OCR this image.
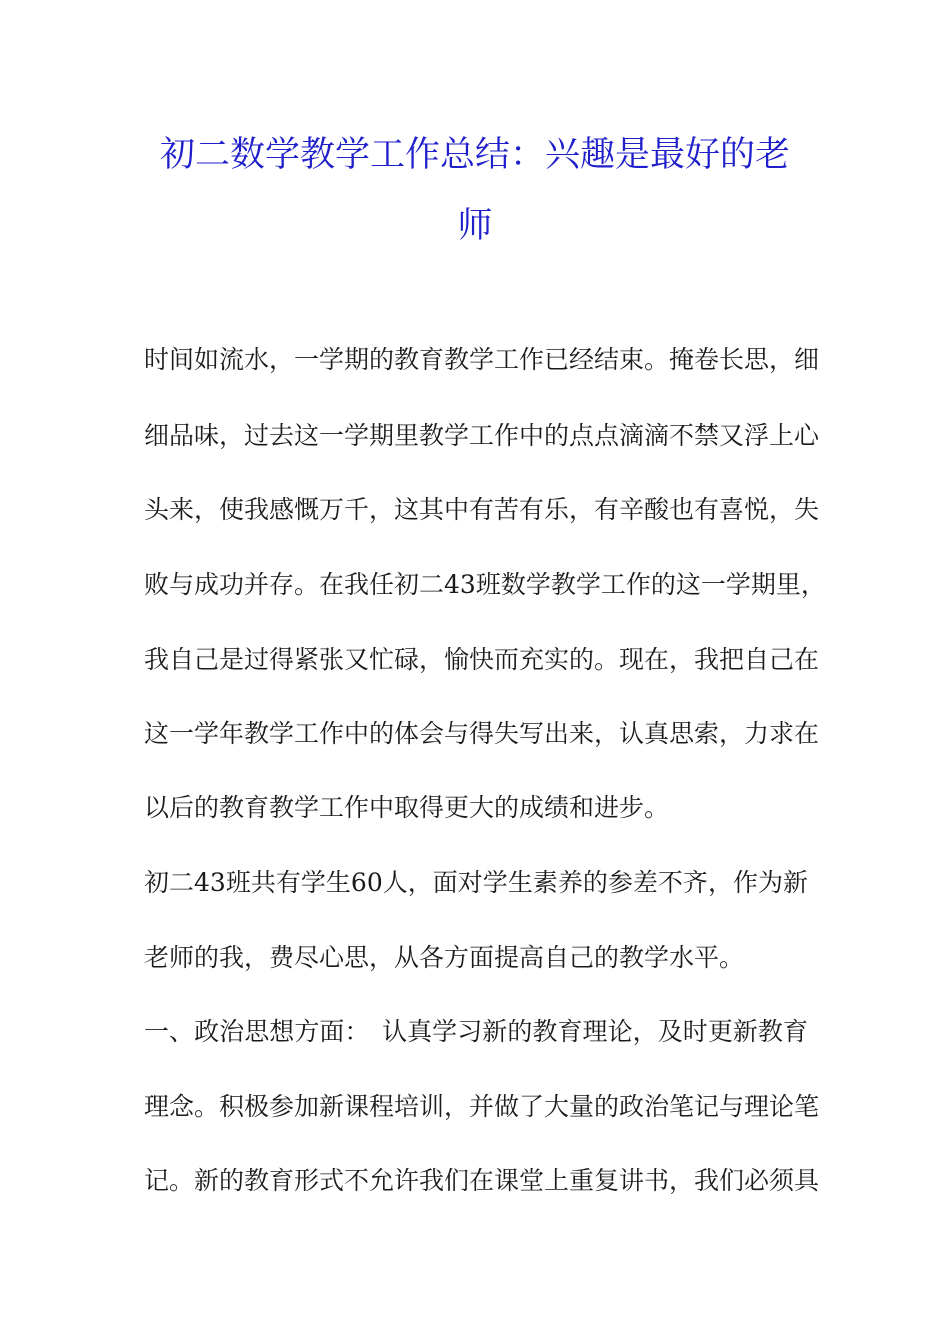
初二数学教学工作总结：兴趣是最好的老
师
时间如流水，一学期的教育教学工作已经结束。掩卷长思，细
细品味，过去这一学期里教学工作中的点点滴滴不禁又浮上心
头来，使我感慨万千，这其中有苦有乐，有辛酸也有喜悦，失
败与成功并存。在我任初二43班数学教学工作的这一学期里，
我自己是过得紧张又忙碌，愉快而充实的。现在，我把自己在
这一学年教学工作中的体会与得失写出来，认真思索，力求在
以后的教育教学工作中取得更大的成绩和进步。
初二43班共有学生60人，面对学生素养的参差不齐，作为新
老师的我，费尽心思，从各方面提高自己的教学水平。
一、政治思想方面：　认真学习新的教育理论，及时更新教育
理念。积极参加新课程培训，并做了大量的政治笔记与理论笔
记。新的教育形式不允许我们在课堂上重复讲书，我们必须具
